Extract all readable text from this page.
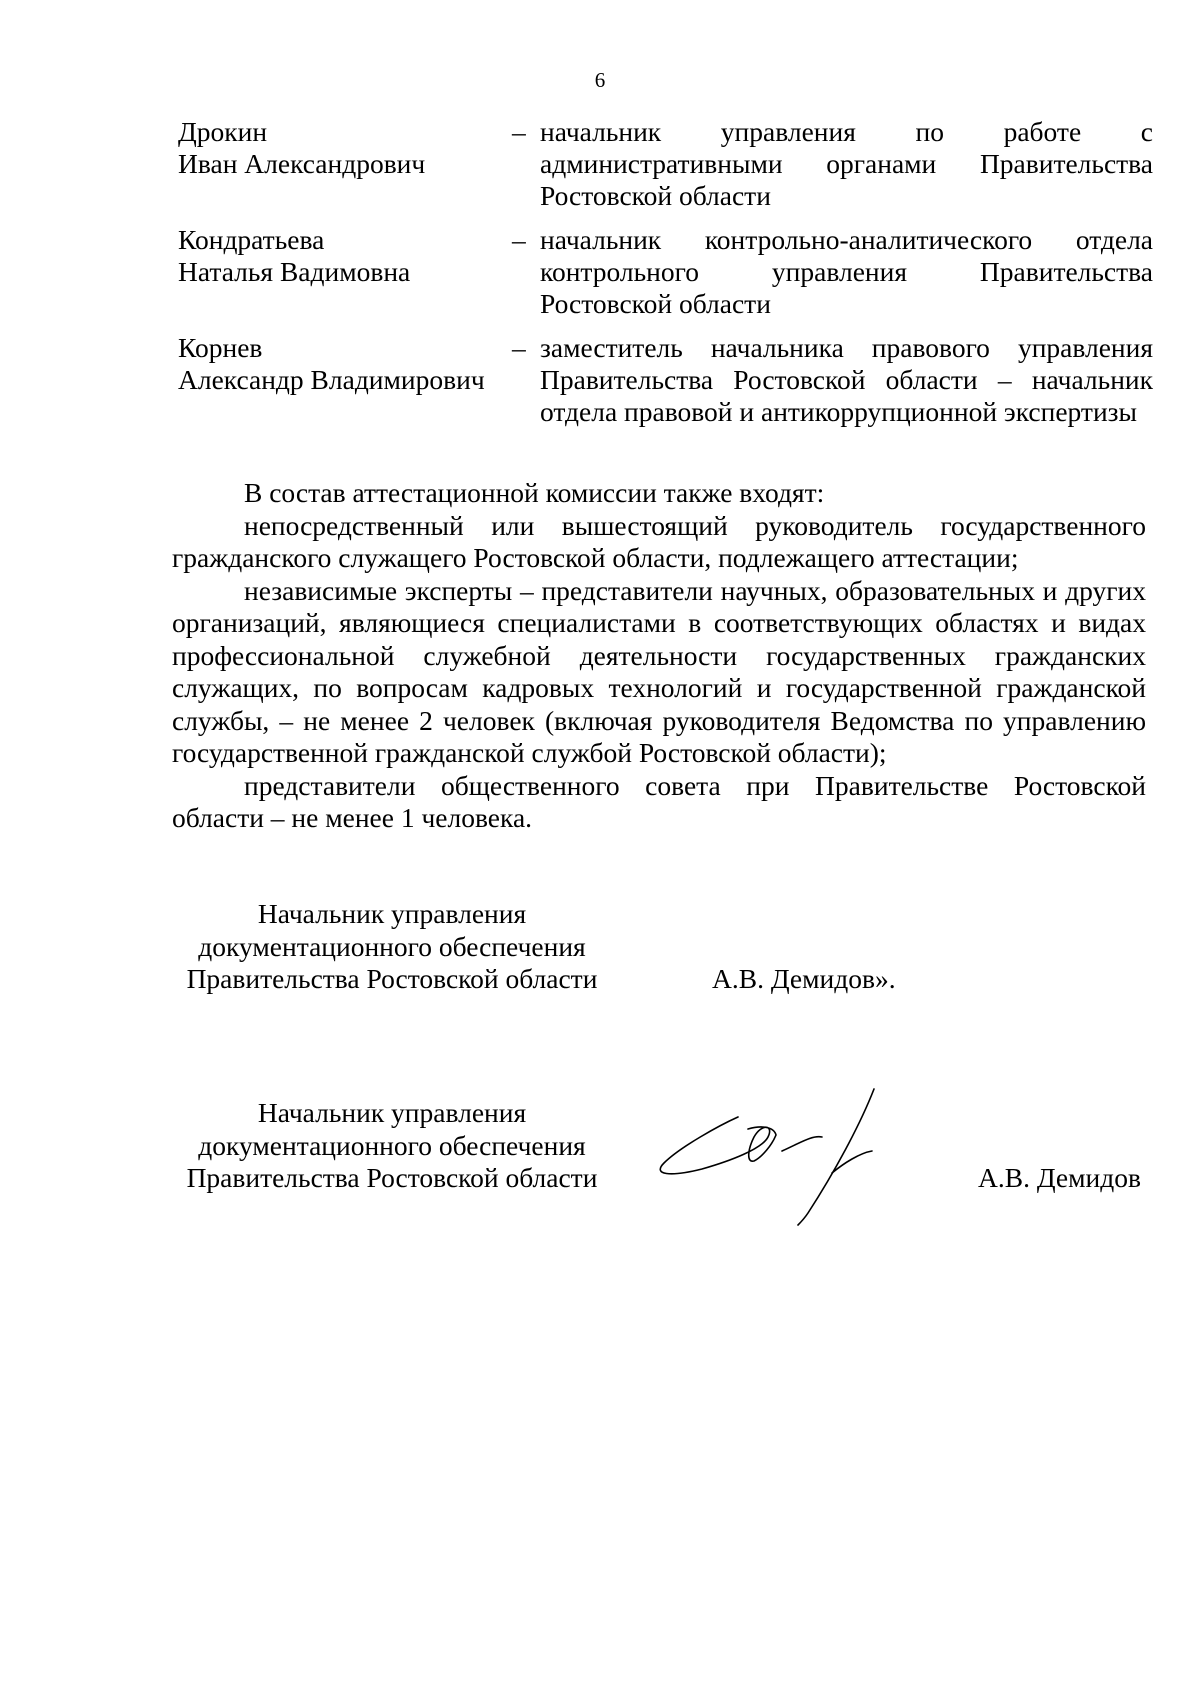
6
Дрокин
Иван Александрович
– начальник управления по работе с административными органами Правительства Ростовской области
Кондратьева
Наталья Вадимовна
– начальник контрольно-аналитического отдела контрольного управления Правительства Ростовской области
Корнев
Александр Владимирович
– заместитель начальника правового управления Правительства Ростовской области – начальник отдела правовой и антикоррупционной экспертизы

В состав аттестационной комиссии также входят:

непосредственный или вышестоящий руководитель государственного гражданского служащего Ростовской области, подлежащего аттестации;

независимые эксперты – представители научных, образовательных и других организаций, являющиеся специалистами в соответствующих областях и видах профессиональной служебной деятельности государственных гражданских служащих, по вопросам кадровых технологий и государственной гражданской службы, – не менее 2 человек (включая руководителя Ведомства по управлению государственной гражданской службой Ростовской области);

представители общественного совета при Правительстве Ростовской области – не менее 1 человека.

Начальник управления
документационного обеспечения
Правительства Ростовской области	А.В. Демидов».
Начальник управления
документационного обеспечения
Правительства Ростовской области	А.В. Демидов
